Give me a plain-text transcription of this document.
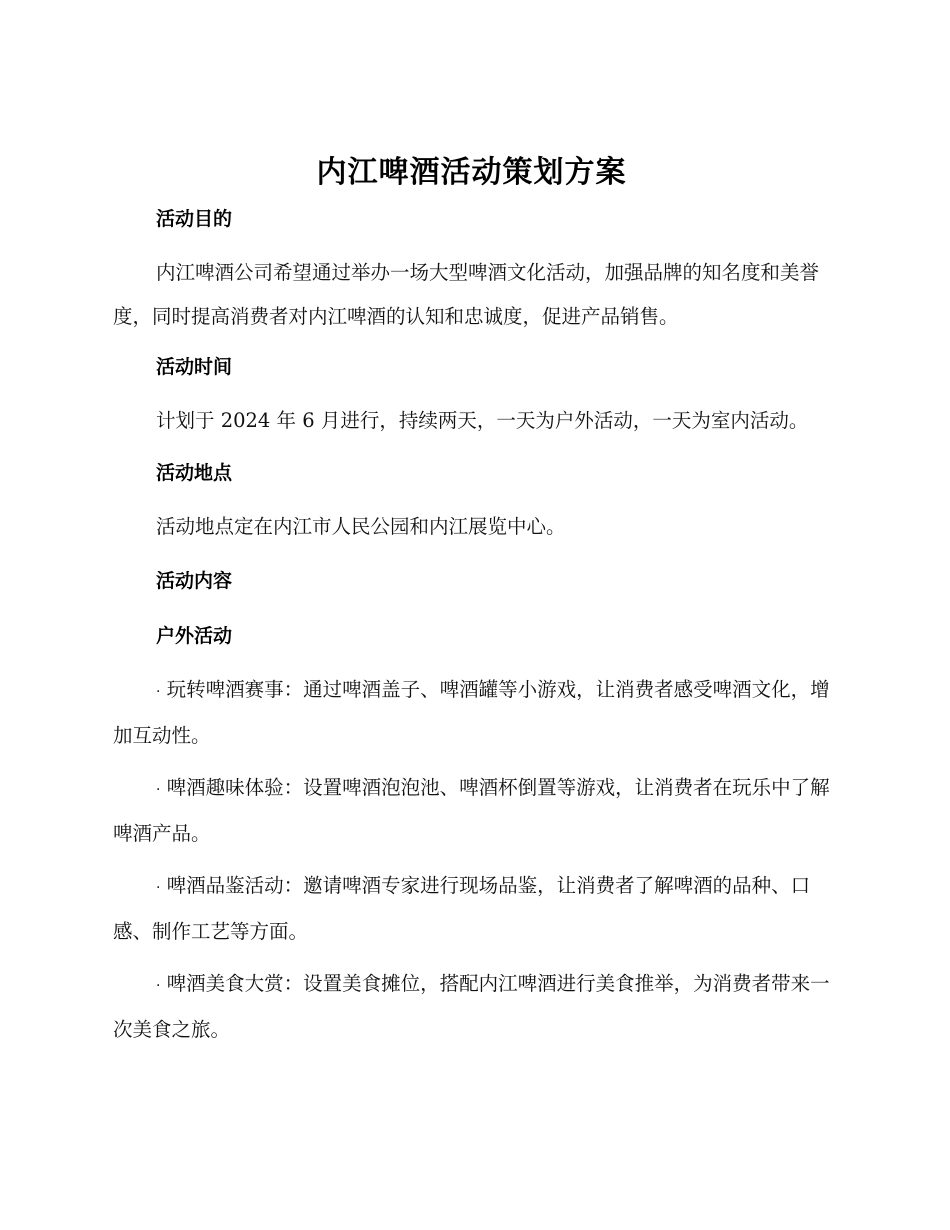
内江啤酒活动策划方案
活动目的

内江啤酒公司希望通过举办一场大型啤酒文化活动，加强品牌的知名度和美誉度，同时提高消费者对内江啤酒的认知和忠诚度，促进产品销售。

活动时间

计划于 2024 年 6 月进行，持续两天，一天为户外活动，一天为室内活动。

活动地点

活动地点定在内江市人民公园和内江展览中心。

活动内容
户外活动

· 玩转啤酒赛事：通过啤酒盖子、啤酒罐等小游戏，让消费者感受啤酒文化，增加互动性。

· 啤酒趣味体验：设置啤酒泡泡池、啤酒杯倒置等游戏，让消费者在玩乐中了解啤酒产品。

· 啤酒品鉴活动：邀请啤酒专家进行现场品鉴，让消费者了解啤酒的品种、口感、制作工艺等方面。

· 啤酒美食大赏：设置美食摊位，搭配内江啤酒进行美食推举，为消费者带来一次美食之旅。
